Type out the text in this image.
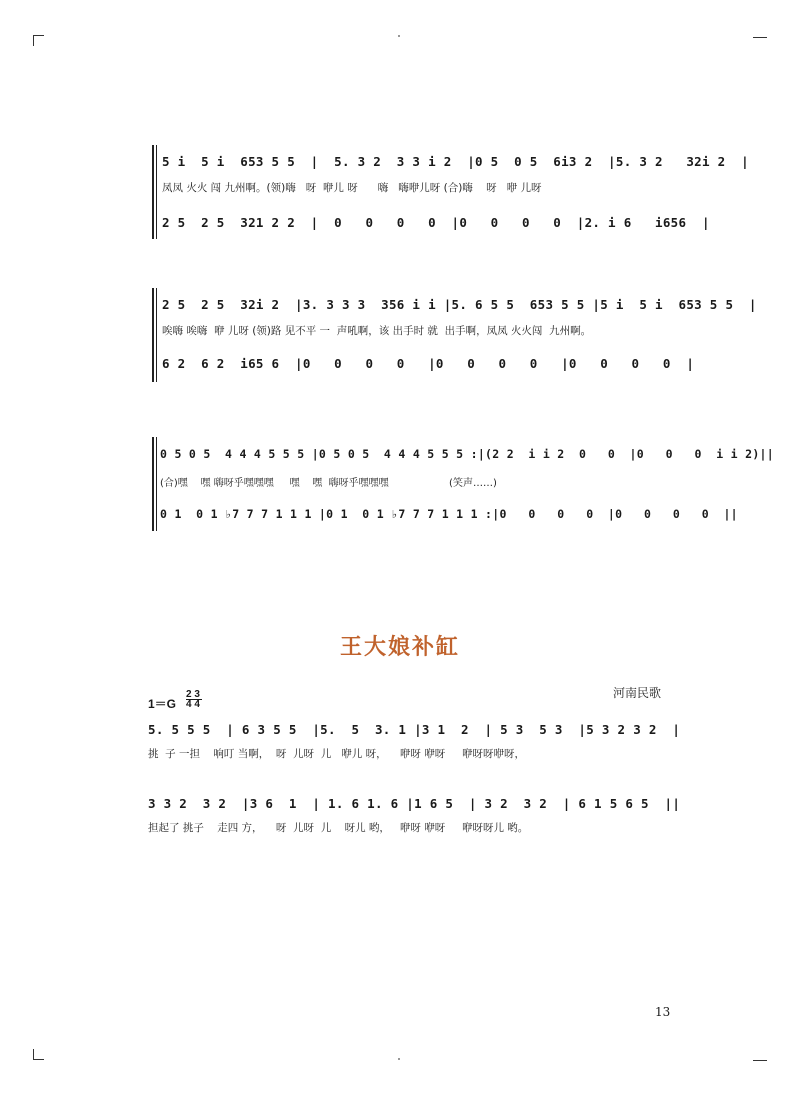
5 i  5 i  653 5 5  |  5. 3 2  3 3 i 2  |0 5  0 5  6i3 2  |5. 3 2   32i 2  |
凤凤 火火 闯 九州啊。(领)嗨   呀  咿儿 呀      嗨   嗨咿儿呀 (合)嗨    呀   咿 儿呀
2 5  2 5  321 2 2  |  0   0   0   0  |0   0   0   0  |2. i 6   i656  |
2 5  2 5  32i 2  |3. 3 3 3  356 i i |5. 6 5 5  653 5 5 |5 i  5 i  653 5 5  |
唉嗨 唉嗨  咿 儿呀 (领)路 见不平 一  声吼啊，该 出手时 就  出手啊，凤凤 火火闯  九州啊。
6 2  6 2  i65 6  |0   0   0   0   |0   0   0   0   |0   0   0   0  |
0 5 0 5  4 4 4 5 5 5 |0 5 0 5  4 4 4 5 5 5 :|(2 2  i i 2  0   0  |0   0   0  i i 2)||
(合)嘿    嘿 嗨呀乎嘿嘿嘿     嘿    嘿  嗨呀乎嘿嘿嘿                   (笑声……)
0 1  0 1 ♭7 7 7 1 1 1 |0 1  0 1 ♭7 7 7 1 1 1 :|0   0   0   0  |0   0   0   0  ||
王大娘补缸
河南民歌
1＝G
2 3
4 4
5. 5 5 5  | 6 3 5 5  |5.  5  3. 1 |3 1  2  | 5 3  5 3  |5 3 2 3 2  |
挑  子 一担    响叮 当啊，  呀  儿呀  儿   咿儿 呀，    咿呀 咿呀     咿呀呀咿呀，
3 3 2  3 2  |3 6  1  | 1. 6 1. 6 |1 6 5  | 3 2  3 2  | 6 1 5 6 5  ||
担起了 挑子    走四 方，    呀  儿呀  儿    呀儿 哟，   咿呀 咿呀     咿呀呀儿 哟。
13
